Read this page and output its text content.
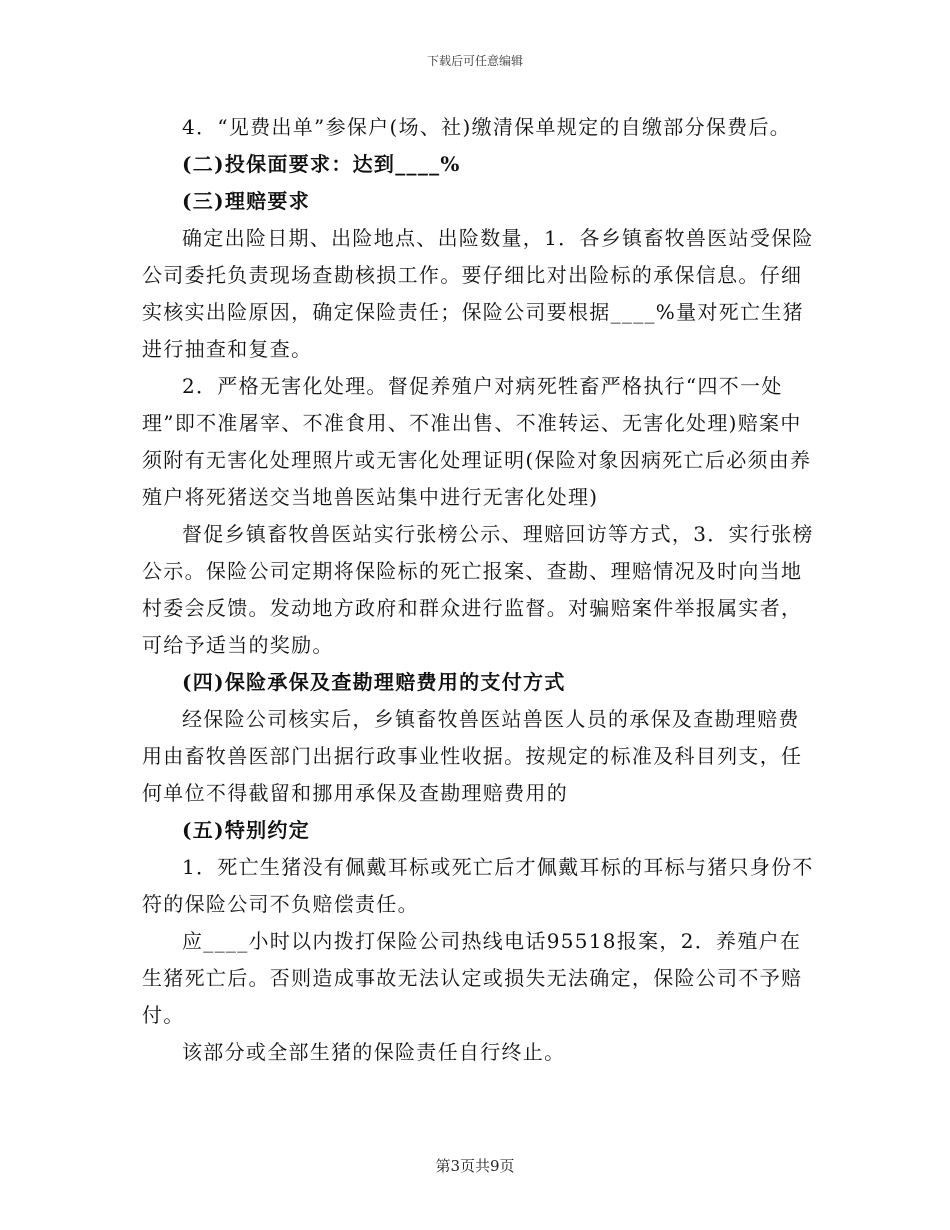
下载后可任意编辑

4．“见费出单”参保户(场、社)缴清保单规定的自缴部分保费后。

(二)投保面要求：达到____%

(三)理赔要求

确定出险日期、出险地点、出险数量，1．各乡镇畜牧兽医站受保险公司委托负责现场查勘核损工作。要仔细比对出险标的承保信息。仔细实核实出险原因，确定保险责任；保险公司要根据____%量对死亡生猪进行抽查和复查。

2．严格无害化处理。督促养殖户对病死牲畜严格执行“四不一处理”即不准屠宰、不准食用、不准出售、不准转运、无害化处理)赔案中须附有无害化处理照片或无害化处理证明(保险对象因病死亡后必须由养殖户将死猪送交当地兽医站集中进行无害化处理)

督促乡镇畜牧兽医站实行张榜公示、理赔回访等方式，3．实行张榜公示。保险公司定期将保险标的死亡报案、查勘、理赔情况及时向当地村委会反馈。发动地方政府和群众进行监督。对骗赔案件举报属实者，可给予适当的奖励。

(四)保险承保及查勘理赔费用的支付方式

经保险公司核实后，乡镇畜牧兽医站兽医人员的承保及查勘理赔费用由畜牧兽医部门出据行政事业性收据。按规定的标准及科目列支，任何单位不得截留和挪用承保及查勘理赔费用的

(五)特别约定

1．死亡生猪没有佩戴耳标或死亡后才佩戴耳标的耳标与猪只身份不符的保险公司不负赔偿责任。

应____小时以内拨打保险公司热线电话95518报案，2．养殖户在生猪死亡后。否则造成事故无法认定或损失无法确定，保险公司不予赔付。

该部分或全部生猪的保险责任自行终止。

第3页共9页
